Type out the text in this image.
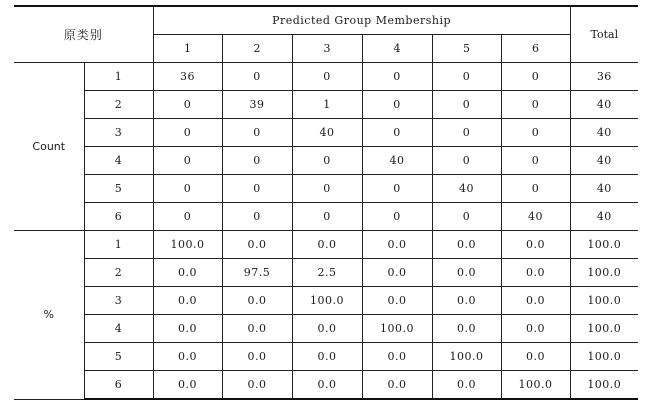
原类别		Predicted Group Membership						Total
		1	2	3	4	5	6	
Count	1	36	0	0	0	0	0	36
	2	0	39	1	0	0	0	40
	3	0	0	40	0	0	0	40
	4	0	0	0	40	0	0	40
	5	0	0	0	0	40	0	40
	6	0	0	0	0	0	40	40
%	1	100.0	0.0	0.0	0.0	0.0	0.0	100.0
	2	0.0	97.5	2.5	0.0	0.0	0.0	100.0
	3	0.0	0.0	100.0	0.0	0.0	0.0	100.0
	4	0.0	0.0	0.0	100.0	0.0	0.0	100.0
	5	0.0	0.0	0.0	0.0	100.0	0.0	100.0
	6	0.0	0.0	0.0	0.0	0.0	100.0	100.0
